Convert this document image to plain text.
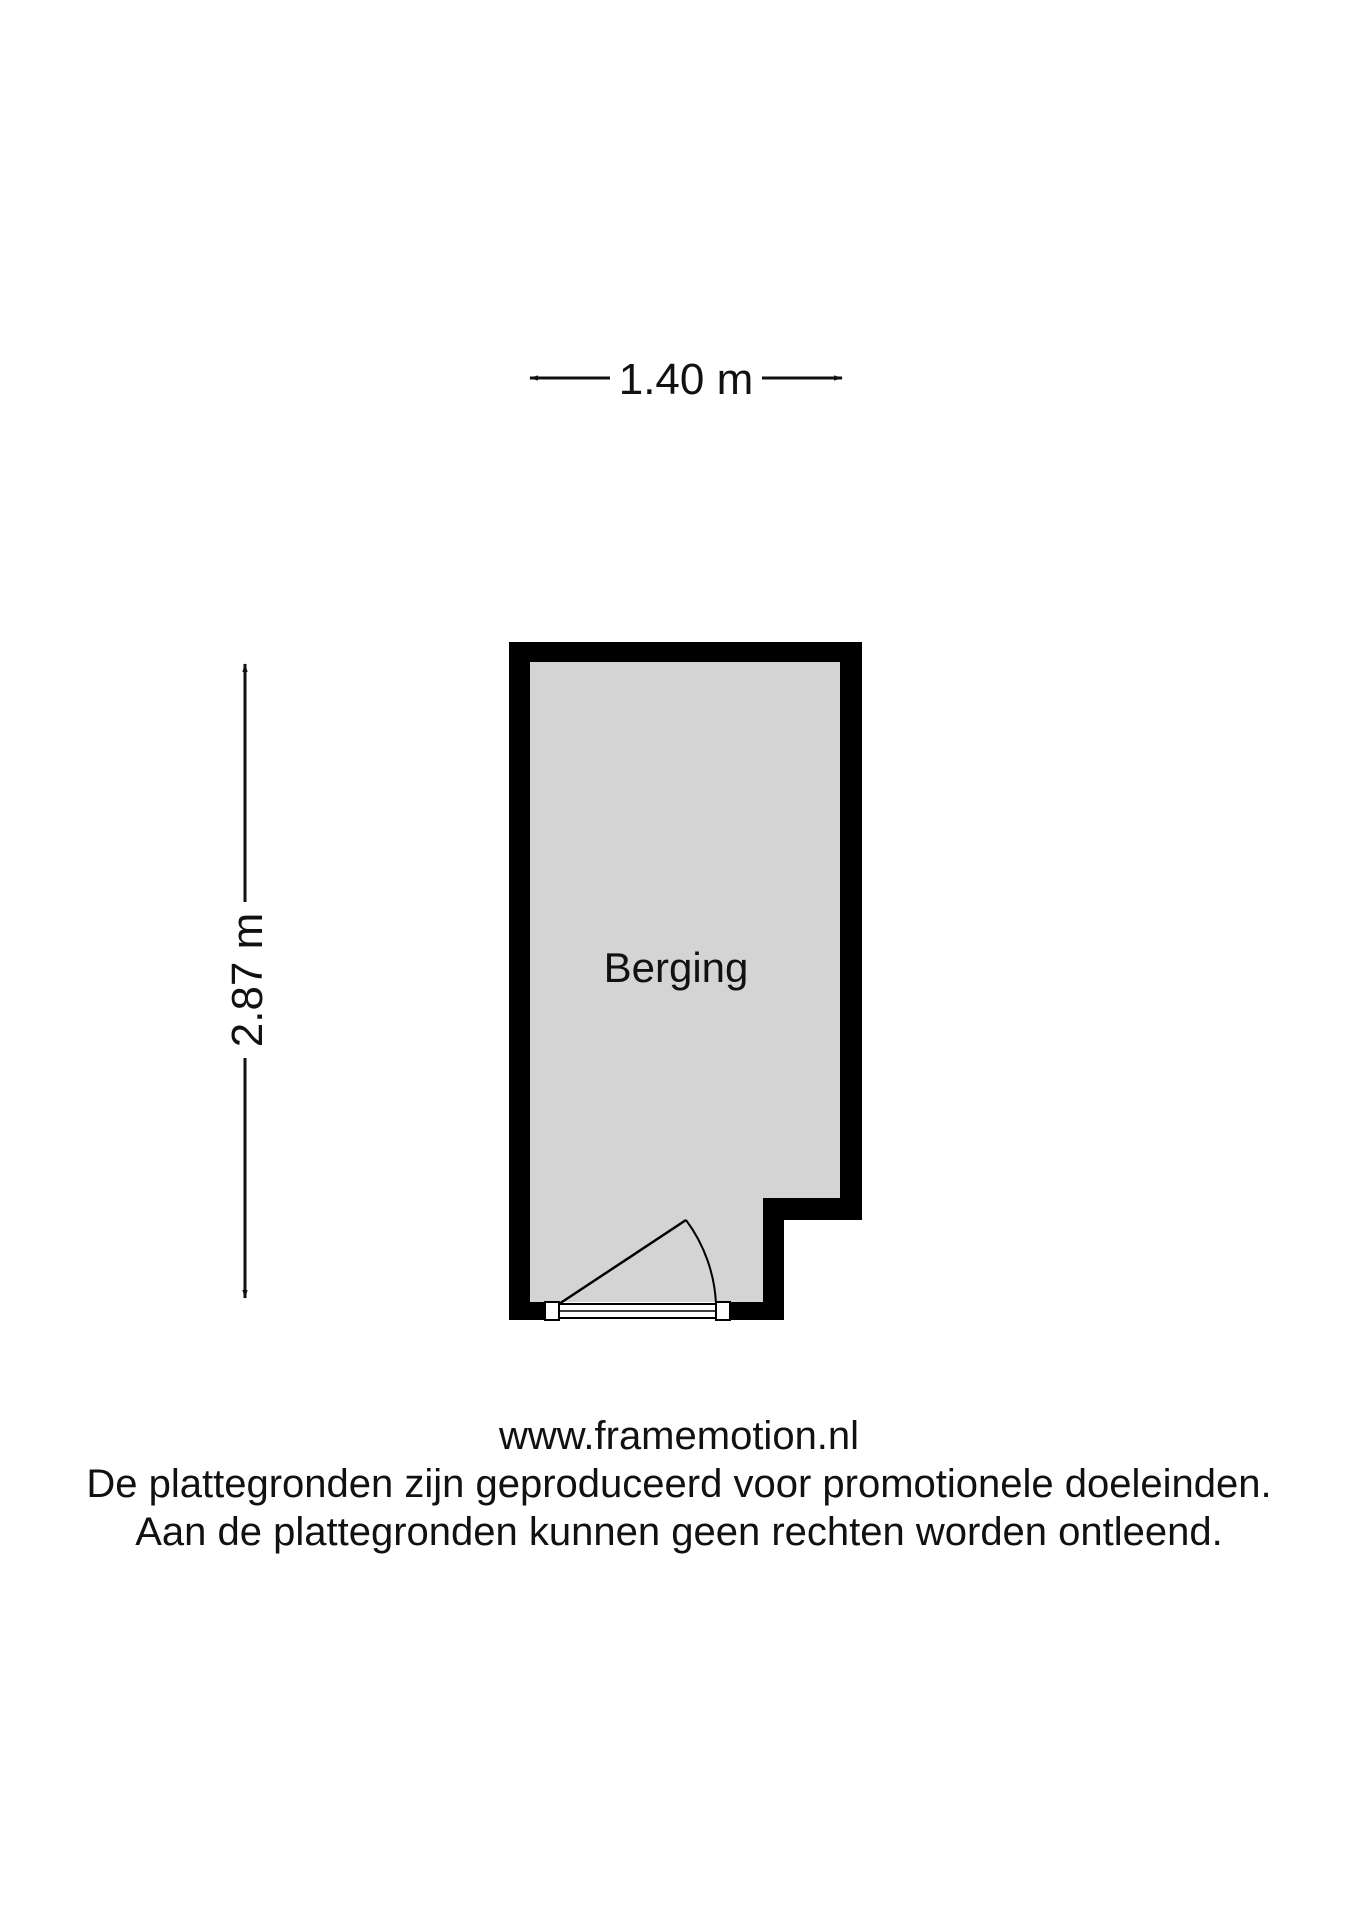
1.40 m
2.87 m	Berging
www.framemotion.nl
De plattegronden zijn geproduceerd voor promotionele doeleinden.
Aan de plattegronden kunnen geen rechten worden ontleend.
